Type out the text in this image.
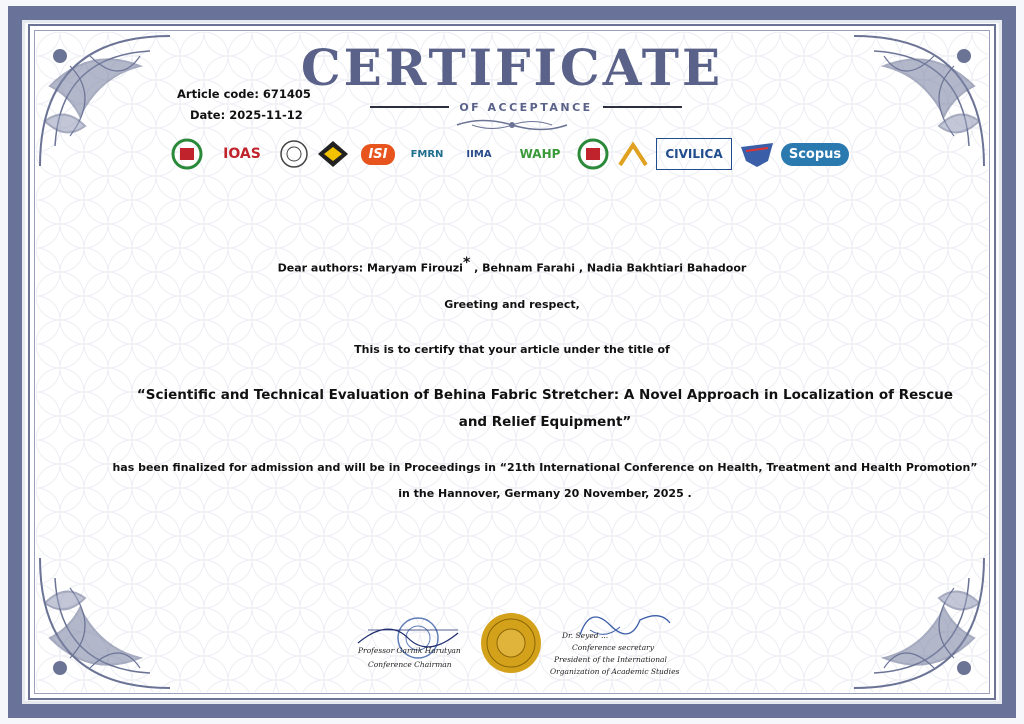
CERTIFICATE
OF ACCEPTANCE
Article code: 671405
Date: 2025-11-12
IOAS	ISI	FMRN	IIMA	WAHP	CIVILICA	Scopus
Dear authors: Maryam Firouzi* , Behnam Farahi , Nadia Bakhtiari Bahadoor
Greeting and respect,
This is to certify that your article under the title of
“Scientific and Technical Evaluation of Behina Fabric Stretcher: A Novel Approach in Localization of Rescue and Relief Equipment”
has been finalized for admission and will be in Proceedings in “21th International Conference on Health, Treatment and Health Promotion” in the Hannover, Germany 20 November, 2025 .
Professor Garnik Harutyan
Conference Chairman
Dr. Seyed ...
Conference secretary
President of the International
Organization of Academic Studies
